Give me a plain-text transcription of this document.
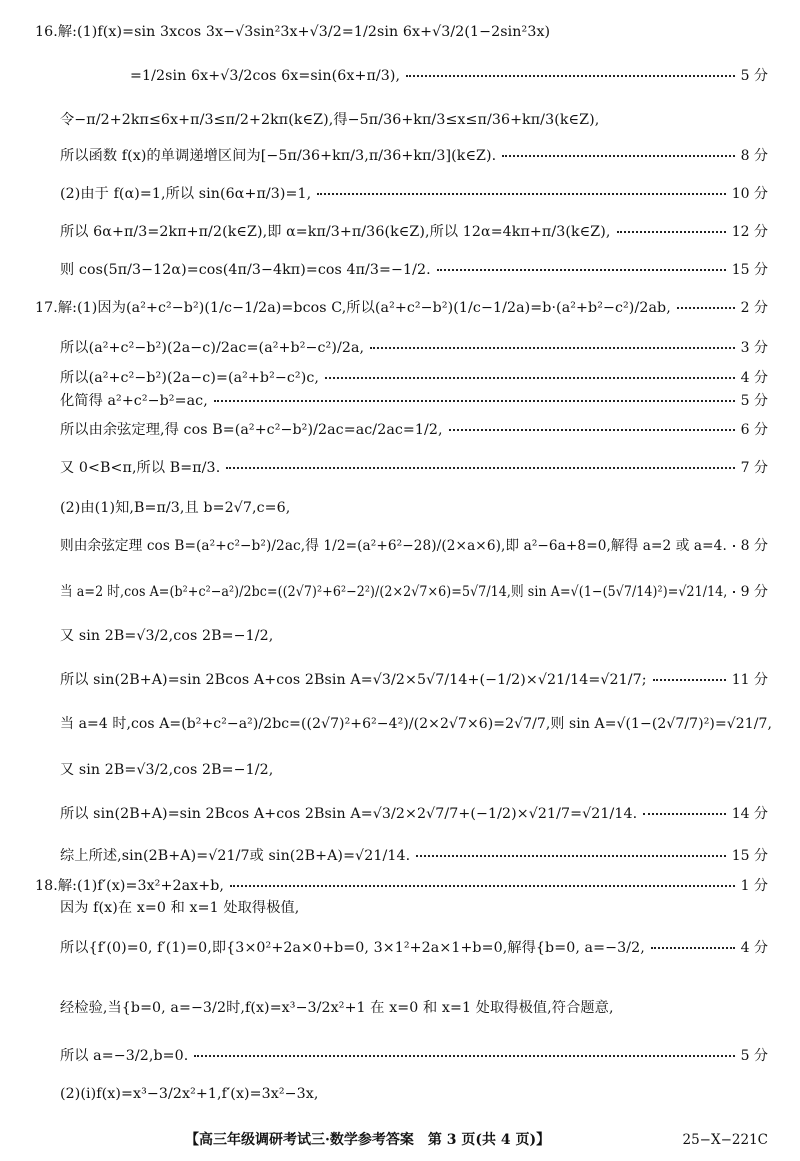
16.解:(1)f(x)=sin 3xcos 3x−√3sin²3x+√3/2=1/2sin 6x+√3/2(1−2sin²3x)
=1/2sin 6x+√3/2cos 6x=sin(6x+π/3),	5 分
令−π/2+2kπ≤6x+π/3≤π/2+2kπ(k∈Z),得−5π/36+kπ/3≤x≤π/36+kπ/3(k∈Z),
所以函数 f(x)的单调递增区间为[−5π/36+kπ/3,π/36+kπ/3](k∈Z).	8 分
(2)由于 f(α)=1,所以 sin(6α+π/3)=1,	10 分
所以 6α+π/3=2kπ+π/2(k∈Z),即 α=kπ/3+π/36(k∈Z),所以 12α=4kπ+π/3(k∈Z),	12 分
则 cos(5π/3−12α)=cos(4π/3−4kπ)=cos 4π/3=−1/2.	15 分
17.解:(1)因为(a²+c²−b²)(1/c−1/2a)=bcos C,所以(a²+c²−b²)(1/c−1/2a)=b·(a²+b²−c²)/2ab,	2 分
所以(a²+c²−b²)(2a−c)/2ac=(a²+b²−c²)/2a,	3 分
所以(a²+c²−b²)(2a−c)=(a²+b²−c²)c,	4 分
化简得 a²+c²−b²=ac,	5 分
所以由余弦定理,得 cos B=(a²+c²−b²)/2ac=ac/2ac=1/2,	6 分
又 0<B<π,所以 B=π/3.	7 分
(2)由(1)知,B=π/3,且 b=2√7,c=6,
则由余弦定理 cos B=(a²+c²−b²)/2ac,得 1/2=(a²+6²−28)/(2×a×6),即 a²−6a+8=0,解得 a=2 或 a=4. 8 分
当 a=2 时,cos A=(b²+c²−a²)/2bc=((2√7)²+6²−2²)/(2×2√7×6)=5√7/14,则 sin A=√(1−(5√7/14)²)=√21/14, 9 分
又 sin 2B=√3/2,cos 2B=−1/2,
所以 sin(2B+A)=sin 2Bcos A+cos 2Bsin A=√3/2×5√7/14+(−1/2)×√21/14=√21/7;	11 分
当 a=4 时,cos A=(b²+c²−a²)/2bc=((2√7)²+6²−4²)/(2×2√7×6)=2√7/7,则 sin A=√(1−(2√7/7)²)=√21/7,
又 sin 2B=√3/2,cos 2B=−1/2,
所以 sin(2B+A)=sin 2Bcos A+cos 2Bsin A=√3/2×2√7/7+(−1/2)×√21/7=√21/14.	14 分
综上所述,sin(2B+A)=√21/7或 sin(2B+A)=√21/14.	15 分
18.解:(1)f′(x)=3x²+2ax+b,	1 分
因为 f(x)在 x=0 和 x=1 处取得极值,
所以{f′(0)=0, f′(1)=0,即{3×0²+2a×0+b=0, 3×1²+2a×1+b=0,解得{b=0, a=−3/2,	4 分
经检验,当{b=0, a=−3/2时,f(x)=x³−3/2x²+1 在 x=0 和 x=1 处取得极值,符合题意,
所以 a=−3/2,b=0.	5 分
(2)(i)f(x)=x³−3/2x²+1,f′(x)=3x²−3x,
【高三年级调研考试三·数学参考答案　第 3 页(共 4 页)】	25−X−221C
